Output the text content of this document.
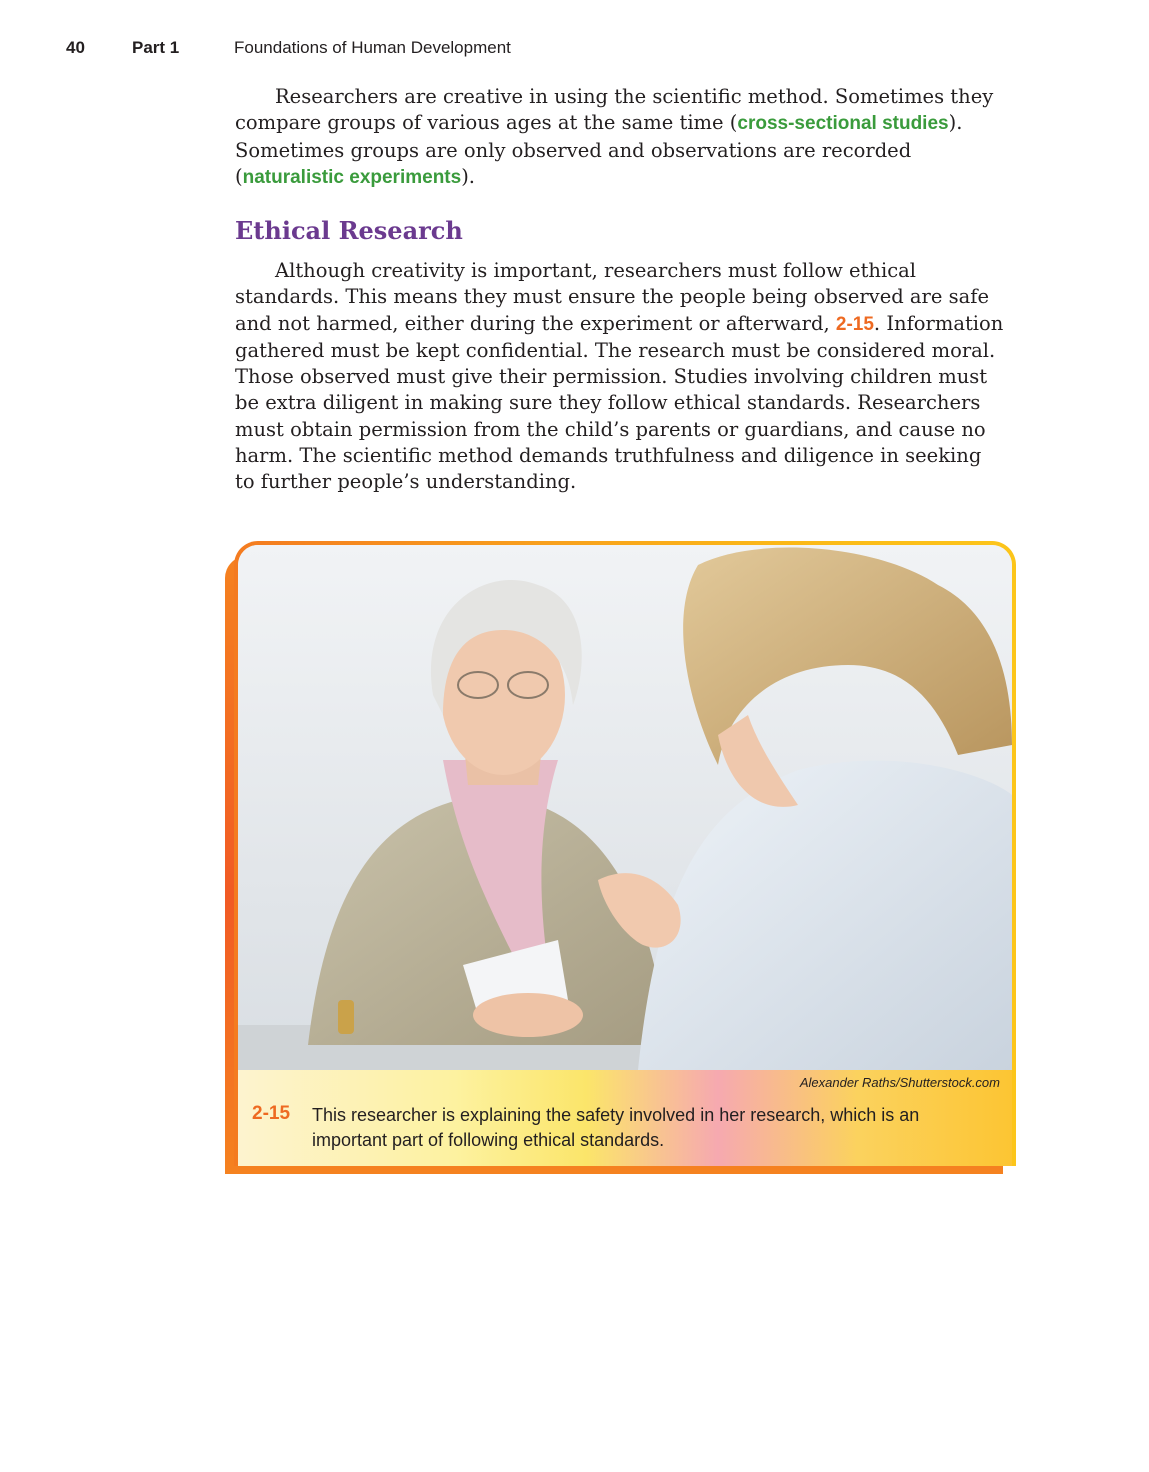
40	Part 1	Foundations of Human Development

Researchers are creative in using the scientific method. Sometimes they compare groups of various ages at the same time (cross-sectional studies). Sometimes groups are only observed and observations are recorded (naturalistic experiments).

Ethical Research

Although creativity is important, researchers must follow ethical standards. This means they must ensure the people being observed are safe and not harmed, either during the experiment or afterward, 2-15. Information gathered must be kept confidential. The research must be considered moral. Those observed must give their permission. Studies involving children must be extra diligent in making sure they follow ethical standards. Researchers must obtain permission from the child’s parents or guardians, and cause no harm. The scientific method demands truthfulness and diligence in seeking to further people’s understanding.

Alexander Raths/Shutterstock.com
2-15 This researcher is explaining the safety involved in her research, which is an important part of following ethical standards.
